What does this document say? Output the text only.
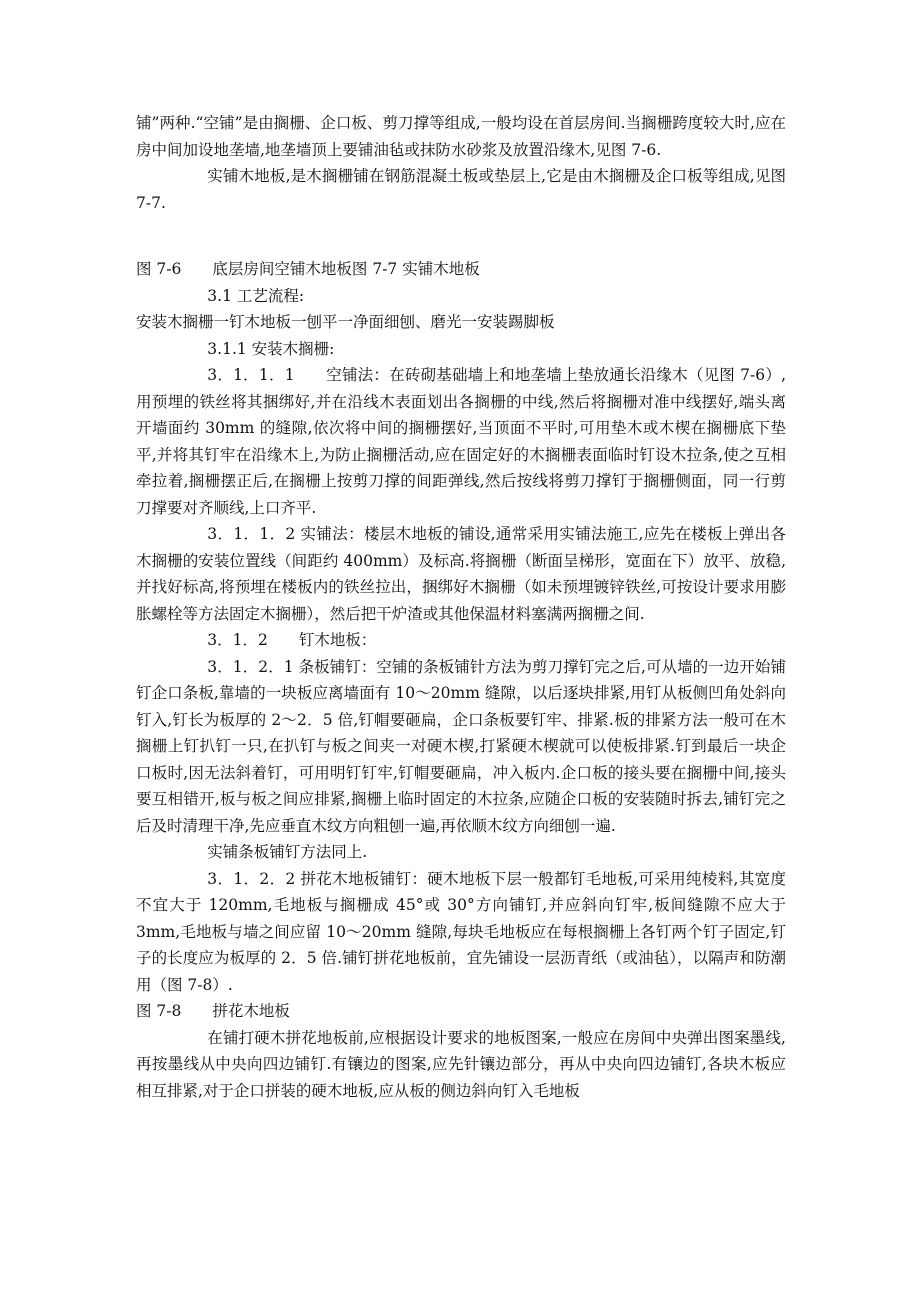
铺”两种.“空铺”是由搁栅、企口板、剪刀撑等组成,一般均设在首层房间.当搁栅跨度较大时,应在房中间加设地垄墙,地垄墙顶上要铺油毡或抹防水砂浆及放置沿缘木,见图 7-6.

实铺木地板,是木搁栅铺在钢筋混凝土板或垫层上,它是由木搁栅及企口板等组成,见图 7-7.

图 7-6　　底层房间空铺木地板图 7-7 实铺木地板

3.1 工艺流程:

安装木搁栅一钉木地板一刨平一净面细刨、磨光一安装踢脚板

3.1.1 安装木搁栅:

3．1．1．1　　空铺法：在砖砌基础墙上和地垄墙上垫放通长沿缘木（见图 7-6）,用预埋的铁丝将其捆绑好,并在沿线木表面划出各搁栅的中线,然后将搁栅对准中线摆好,端头离开墙面约 30mm 的缝隙,依次将中间的搁栅摆好,当顶面不平时,可用垫木或木楔在搁栅底下垫平,并将其钉牢在沿缘木上,为防止搁栅活动,应在固定好的木搁栅表面临时钉设木拉条,使之互相牵拉着,搁栅摆正后,在搁栅上按剪刀撑的间距弹线,然后按线将剪刀撑钉于搁栅侧面，同一行剪刀撑要对齐顺线,上口齐平.

3．1．1．2 实铺法：楼层木地板的铺设,通常采用实铺法施工,应先在楼板上弹出各木搁栅的安装位置线（间距约 400mm）及标高.将搁栅（断面呈梯形，宽面在下）放平、放稳,并找好标高,将预埋在楼板内的铁丝拉出，捆绑好木搁栅（如未预埋镀锌铁丝,可按设计要求用膨胀螺栓等方法固定木搁栅），然后把干炉渣或其他保温材料塞满两搁栅之间.

3．1．2　　钉木地板：

3．1．2．1 条板铺钉：空铺的条板铺针方法为剪刀撑钉完之后,可从墙的一边开始铺钉企口条板,靠墙的一块板应离墙面有 10～20mm 缝隙，以后逐块排紧,用钉从板侧凹角处斜向钉入,钉长为板厚的 2～2．5 倍,钉帽要砸扁，企口条板要钉牢、排紧.板的排紧方法一般可在木搁栅上钉扒钉一只,在扒钉与板之间夹一对硬木楔,打紧硬木楔就可以使板排紧.钉到最后一块企口板时,因无法斜着钉，可用明钉钉牢,钉帽要砸扁，冲入板内.企口板的接头要在搁栅中间,接头要互相错开,板与板之间应排紧,搁栅上临时固定的木拉条,应随企口板的安装随时拆去,铺钉完之后及时清理干净,先应垂直木纹方向粗刨一遍,再依顺木纹方向细刨一遍.

实铺条板铺钉方法同上.

3．1．2．2 拼花木地板铺钉：硬木地板下层一般都钉毛地板,可采用纯棱料,其宽度不宜大于 120mm,毛地板与搁栅成 45°或 30°方向铺钉,并应斜向钉牢,板间缝隙不应大于 3mm,毛地板与墙之间应留 10～20mm 缝隙,每块毛地板应在每根搁栅上各钉两个钉子固定,钉子的长度应为板厚的 2．5 倍.铺钉拼花地板前，宜先铺设一层沥青纸（或油毡），以隔声和防潮用（图 7-8）.

图 7-8　　拼花木地板

在铺打硬木拼花地板前,应根据设计要求的地板图案,一般应在房间中央弹出图案墨线,再按墨线从中央向四边铺钉.有镶边的图案,应先针镶边部分，再从中央向四边铺钉,各块木板应相互排紧,对于企口拼装的硬木地板,应从板的侧边斜向钉入毛地板
